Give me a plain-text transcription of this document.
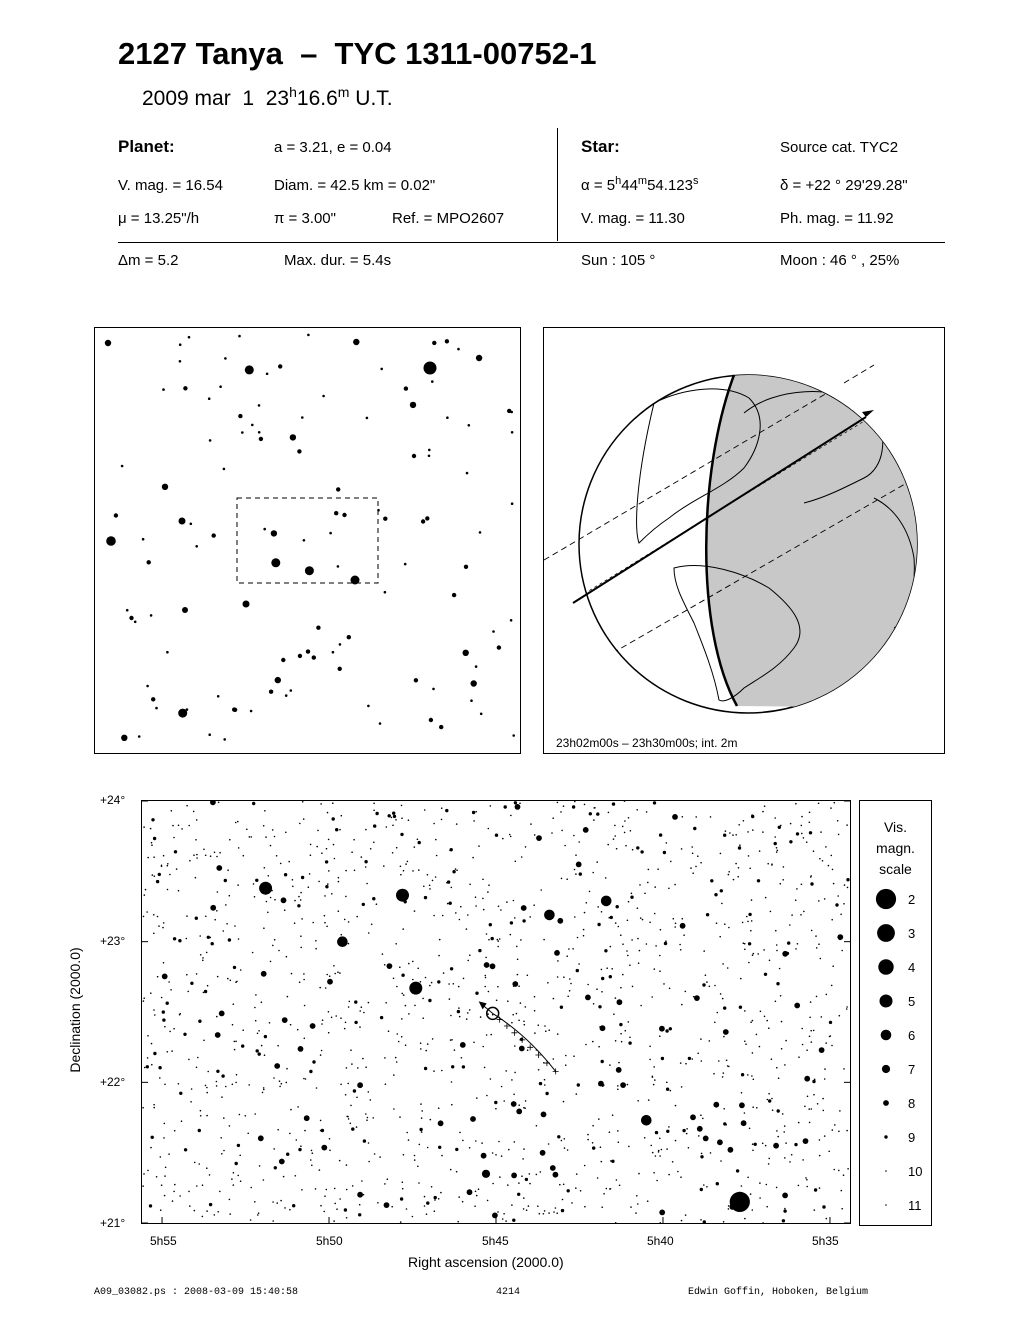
2127 Tanya  –  TYC 1311-00752-1
2009 mar  1  23$^h$16.6$^m$ U.T.
Planet:	a = 3.21, e = 0.04
V. mag. = 16.54	Diam. = 42.5 km = 0.02"
μ = 13.25"/h	π = 3.00"	Ref. = MPO2607
Star:	Source cat. TYC2
$\alpha = 5^h44^m54.123^s$	δ = +22 ° 29'29.28"
V. mag. = 11.30	Ph. mag. = 11.92
Δm = 5.2	Max. dur. = 5.4s	Sun : 105 °	Moon : 46 ° , 25%
23h02m00s – 23h30m00s; int. 2m
+24°
+23°
+22°
+21°
5h55	5h50	5h45	5h40	5h35
Right ascension (2000.0)
Declination (2000.0)
Vis.
magn.
scale
2
3
4
5
6
7
8
9
10
11
A09_03082.ps : 2008-03-09 15:40:58	4214	Edwin Goffin, Hoboken, Belgium
